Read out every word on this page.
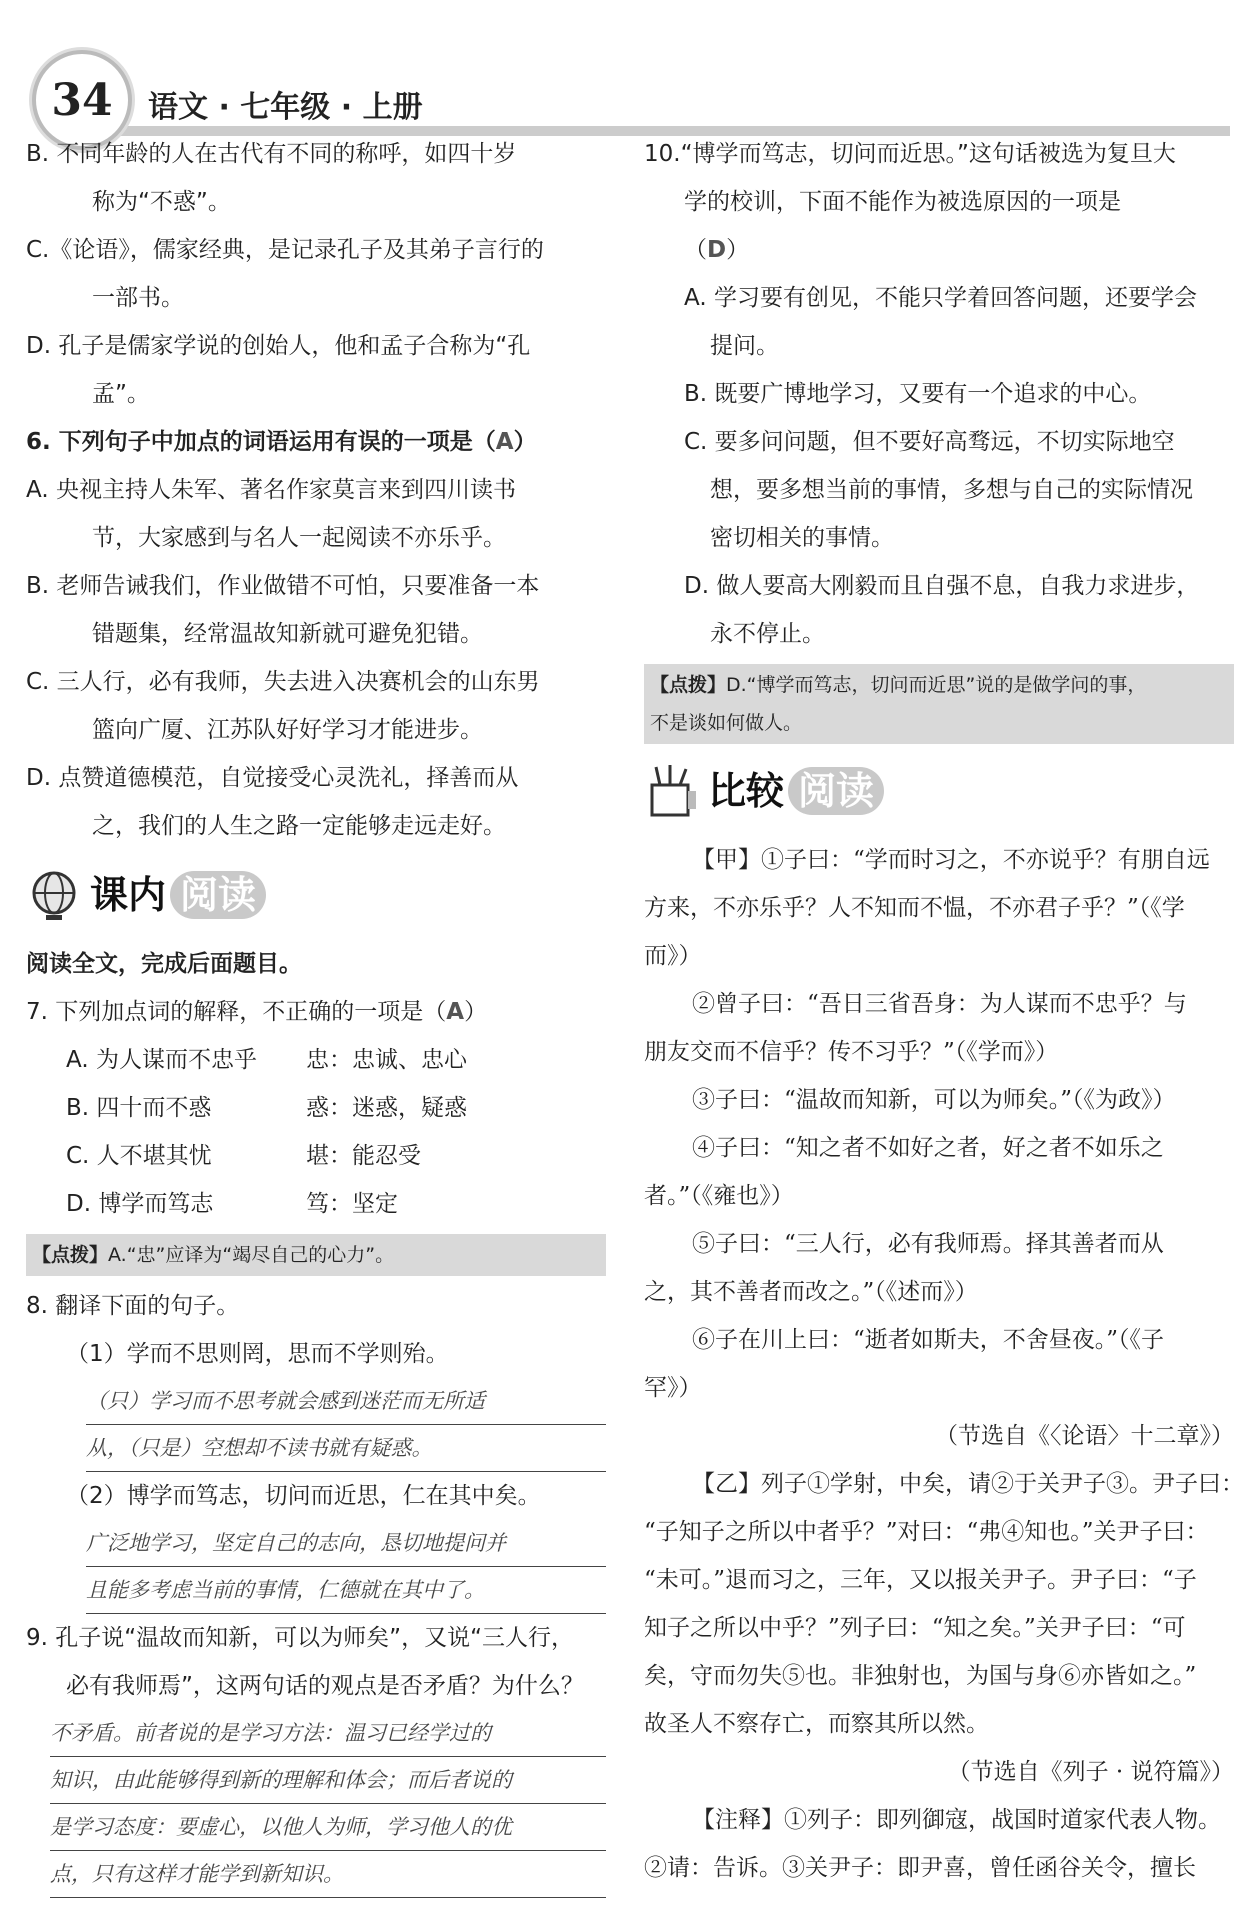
34	语文 · 七年级 · 上册
B. 不同年龄的人在古代有不同的称呼，如四十岁
称为“不惑”。
C.《论语》，儒家经典，是记录孔子及其弟子言行的
一部书。
D. 孔子是儒家学说的创始人，他和孟子合称为“孔
孟”。
6. 下列句子中加点的词语运用有误的一项是（A）
A. 央视主持人朱军、著名作家莫言来到四川读书
节，大家感到与名人一起阅读不亦乐乎。
B. 老师告诫我们，作业做错不可怕，只要准备一本
错题集，经常温故知新就可避免犯错。
C. 三人行，必有我师，失去进入决赛机会的山东男
篮向广厦、江苏队好好学习才能进步。
D. 点赞道德模范，自觉接受心灵洗礼，择善而从
之，我们的人生之路一定能够走远走好。
课内 阅读
阅读全文，完成后面题目。
7. 下列加点词的解释，不正确的一项是（A）
A. 为人谋而不忠乎	忠：忠诚、忠心
B. 四十而不惑	惑：迷惑，疑惑
C. 人不堪其忧	堪：能忍受
D. 博学而笃志	笃：坚定
【点拨】A.“忠”应译为“竭尽自己的心力”。
8. 翻译下面的句子。
（1）学而不思则罔，思而不学则殆。
（只）学习而不思考就会感到迷茫而无所适
从，（只是）空想却不读书就有疑惑。
（2）博学而笃志，切问而近思，仁在其中矣。
广泛地学习，坚定自己的志向，恳切地提问并
且能多考虑当前的事情，仁德就在其中了。
9. 孔子说“温故而知新，可以为师矣”，又说“三人行，
必有我师焉”，这两句话的观点是否矛盾？为什么？
不矛盾。前者说的是学习方法：温习已经学过的
知识，由此能够得到新的理解和体会；而后者说的
是学习态度：要虚心，以他人为师，学习他人的优
点，只有这样才能学到新知识。
10.“博学而笃志，切问而近思。”这句话被选为复旦大
学的校训，下面不能作为被选原因的一项是
（D）
A. 学习要有创见，不能只学着回答问题，还要学会
提问。
B. 既要广博地学习，又要有一个追求的中心。
C. 要多问问题，但不要好高骛远，不切实际地空
想，要多想当前的事情，多想与自己的实际情况
密切相关的事情。
D. 做人要高大刚毅而且自强不息，自我力求进步，
永不停止。
【点拨】D.“博学而笃志，切问而近思”说的是做学问的事，
不是谈如何做人。
比较 阅读
【甲】①子曰：“学而时习之，不亦说乎？有朋自远
方来，不亦乐乎？人不知而不愠，不亦君子乎？”（《学
而》）
②曾子曰：“吾日三省吾身：为人谋而不忠乎？与
朋友交而不信乎？传不习乎？”（《学而》）
③子曰：“温故而知新，可以为师矣。”（《为政》）
④子曰：“知之者不如好之者，好之者不如乐之
者。”（《雍也》）
⑤子曰：“三人行，必有我师焉。择其善者而从
之，其不善者而改之。”（《述而》）
⑥子在川上曰：“逝者如斯夫，不舍昼夜。”（《子
罕》）
（节选自《〈论语〉十二章》）
【乙】列子①学射，中矣，请②于关尹子③。尹子曰：
“子知子之所以中者乎？”对曰：“弗④知也。”关尹子曰：
“未可。”退而习之，三年，又以报关尹子。尹子曰：“子
知子之所以中乎？”列子曰：“知之矣。”关尹子曰：“可
矣，守而勿失⑤也。非独射也，为国与身⑥亦皆如之。”
故圣人不察存亡，而察其所以然。
（节选自《列子 · 说符篇》）
【注释】①列子：即列御寇，战国时道家代表人物。
②请：告诉。③关尹子：即尹喜，曾任函谷关令，擅长
